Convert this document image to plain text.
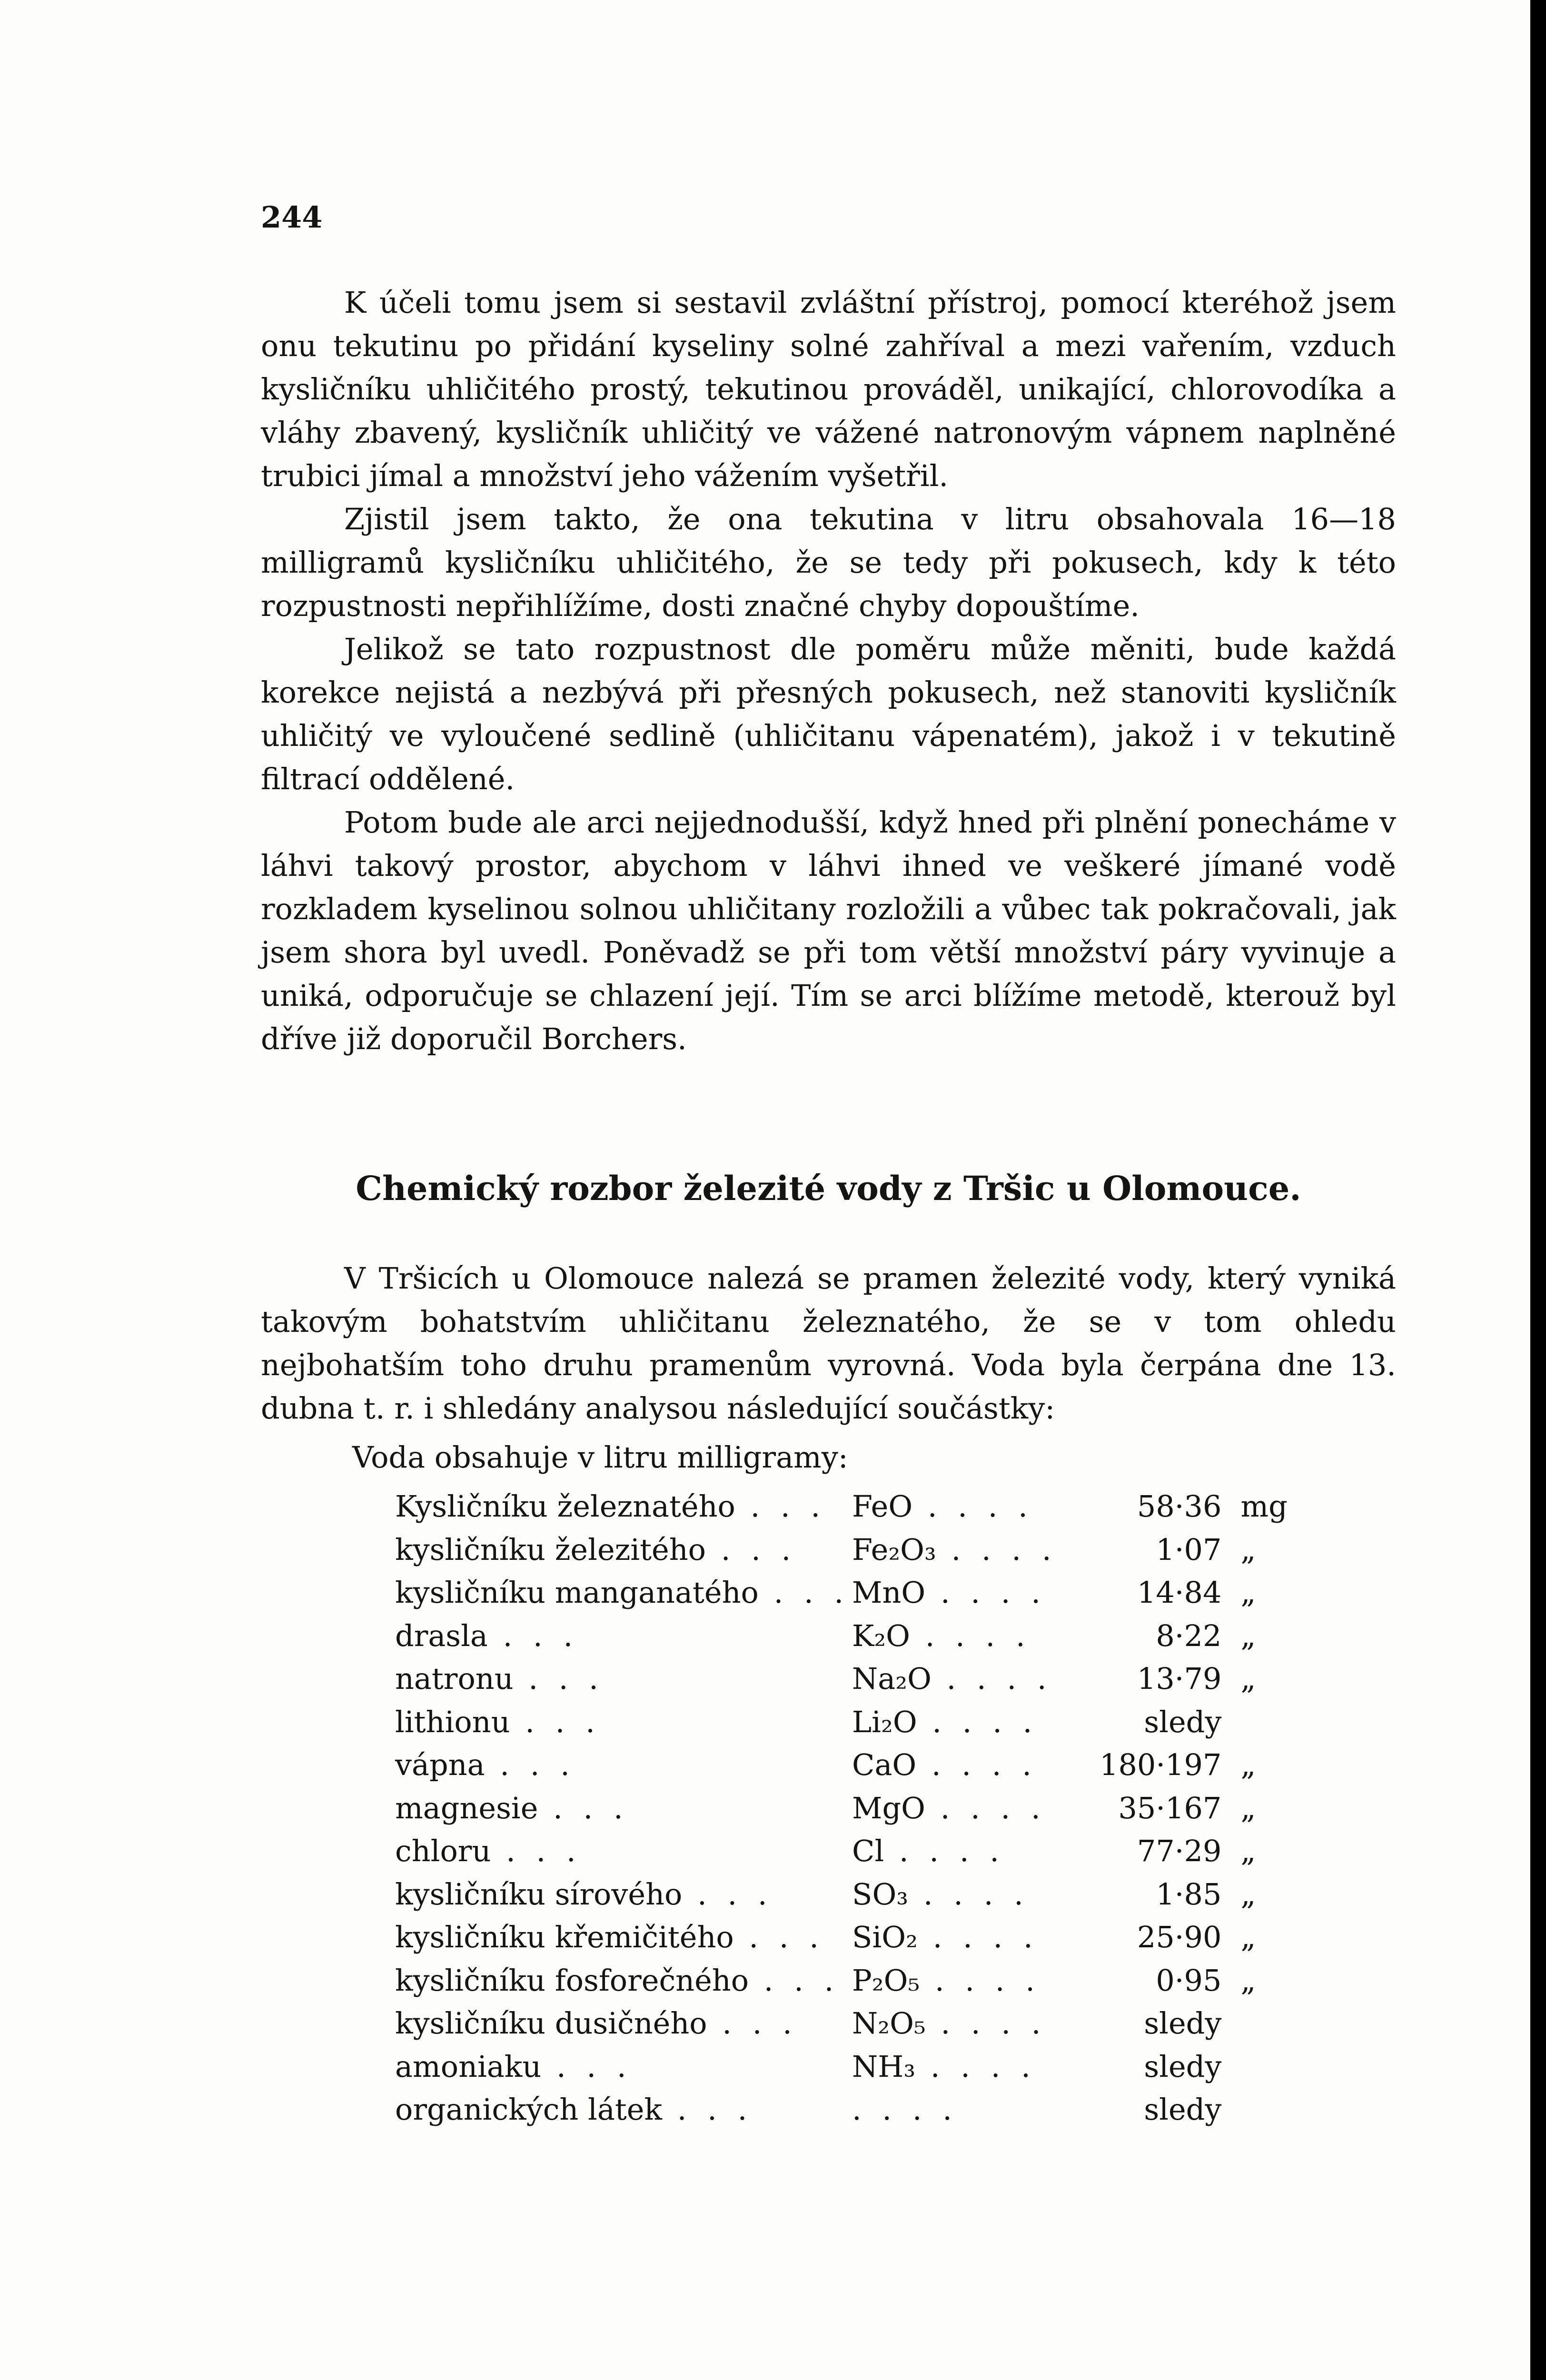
244

K účeli tomu jsem si sestavil zvláštní přístroj, pomocí kteréhož jsem onu tekutinu po přidání kyseliny solné zahříval a mezi vařením, vzduch kysličníku uhličitého prostý, tekutinou prováděl, unikající, chlorovodíka a vláhy zbavený, kysličník uhličitý ve vážené natronovým vápnem naplněné trubici jímal a množství jeho vážením vyšetřil.

Zjistil jsem takto, že ona tekutina v litru obsahovala 16—18 milligramů kysličníku uhličitého, že se tedy při pokusech, kdy k této rozpustnosti nepřihlížíme, dosti značné chyby dopouštíme.

Jelikož se tato rozpustnost dle poměru může měniti, bude každá korekce nejistá a nezbývá při přesných pokusech, než stanoviti kysličník uhličitý ve vyloučené sedlině (uhličitanu vápenatém), jakož i v tekutině filtrací oddělené.

Potom bude ale arci nejjednodušší, když hned při plnění ponecháme v láhvi takový prostor, abychom v láhvi ihned ve veškeré jímané vodě rozkladem kyselinou solnou uhličitany rozložili a vůbec tak pokračovali, jak jsem shora byl uvedl. Poněvadž se při tom větší množství páry vyvinuje a uniká, odporučuje se chlazení její. Tím se arci blížíme metodě, kterouž byl dříve již doporučil Borchers.

Chemický rozbor železité vody z Tršic u Olomouce.

V Tršicích u Olomouce nalezá se pramen železité vody, který vyniká takovým bohatstvím uhličitanu železnatého, že se v tom ohledu nejbohatším toho druhu pramenům vyrovná. Voda byla čerpána dne 13. dubna t. r. i shledány analysou následující součástky:

Voda obsahuje v litru milligramy:
Kysličníku železnatého . . .	FeO . . . .	58·36	mg
kysličníku železitého . . .	Fe₂O₃ . . . .	1·07	„
kysličníku manganatého . . .	MnO . . . .	14·84	„
drasla . . .	K₂O . . . .	8·22	„
natronu . . .	Na₂O . . . .	13·79	„
lithionu . . .	Li₂O . . . .	sledy	
vápna . . .	CaO . . . .	180·197	„
magnesie . . .	MgO . . . .	35·167	„
chloru . . .	Cl . . . .	77·29	„
kysličníku sírového . . .	SO₃ . . . .	1·85	„
kysličníku křemičitého . . .	SiO₂ . . . .	25·90	„
kysličníku fosforečného . . .	P₂O₅ . . . .	0·95	„
kysličníku dusičného . . .	N₂O₅ . . . .	sledy	
amoniaku . . .	NH₃ . . . .	sledy	
organických látek . . .	. . . .	sledy	
